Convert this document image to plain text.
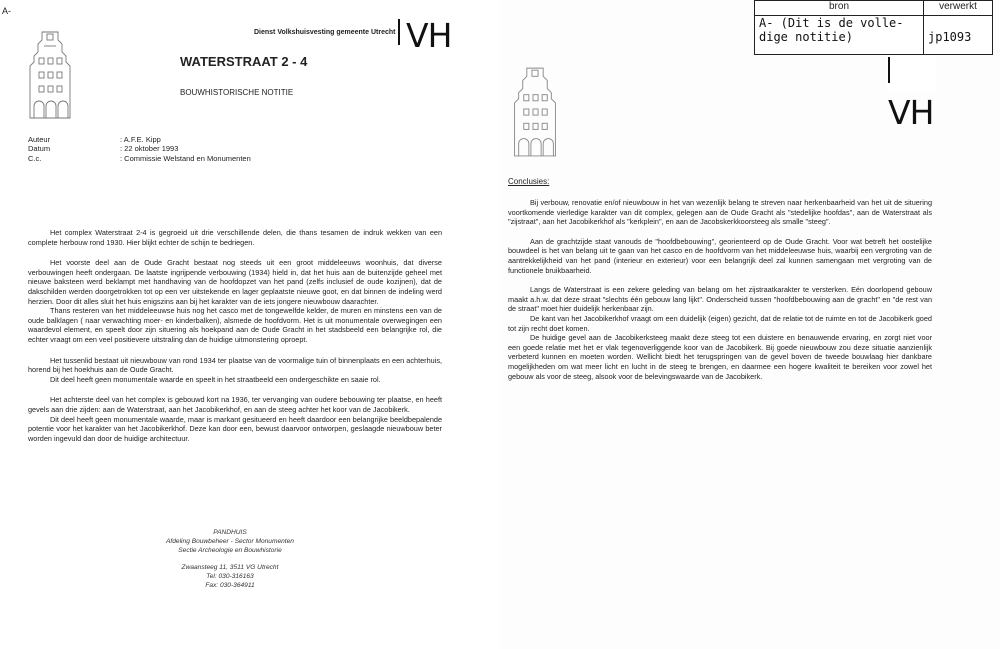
A-
Dienst Volkshuisvesting gemeente Utrecht VH
WATERSTRAAT 2 - 4
BOUWHISTORISCHE NOTITIE
Auteur	: A.F.E. Kipp
Datum	: 22 oktober 1993
C.c.	: Commissie Welstand en Monumenten

Het complex Waterstraat 2-4 is gegroeid uit drie verschillende delen, die thans tesamen de indruk wekken van een complete herbouw rond 1930. Hier blijkt echter de schijn te bedriegen.

Het voorste deel aan de Oude Gracht bestaat nog steeds uit een groot middeleeuws woonhuis, dat diverse verbouwingen heeft ondergaan. De laatste ingrijpende verbouwing (1934) hield in, dat het huis aan de buitenzijde geheel met nieuwe baksteen werd beklampt met handhaving van de hoofdopzet van het pand (zelfs inclusief de oude kozijnen), dat de dakschilden werden doorgetrokken tot op een ver uitstekende en lager geplaatste nieuwe goot, en dat binnen de indeling werd herzien. Door dit alles sluit het huis enigszins aan bij het karakter van de iets jongere nieuwbouw daarachter.

Thans resteren van het middeleeuwse huis nog het casco met de tongewelfde kelder, de muren en minstens een van de oude balklagen ( naar verwachting moer- en kinderbalken), alsmede de hoofdvorm. Het is uit monumentale overwegingen een waardevol element, en speelt door zijn situering als hoekpand aan de Oude Gracht in het stadsbeeld een belangrijke rol, die echter vraagt om een veel positievere uitstraling dan de huidige uitmonstering oproept.

Het tussenlid bestaat uit nieuwbouw van rond 1934 ter plaatse van de voormalige tuin of binnenplaats en een achterhuis, horend bij het hoekhuis aan de Oude Gracht.

Dit deel heeft geen monumentale waarde en speelt in het straatbeeld een ondergeschikte en saaie rol.

Het achterste deel van het complex is gebouwd kort na 1936, ter vervanging van oudere bebouwing ter plaatse, en heeft gevels aan drie zijden: aan de Waterstraat, aan het Jacobikerkhof, en aan de steeg achter het koor van de Jacobikerk.

Dit deel heeft geen monumentale waarde, maar is markant gesitueerd en heeft daardoor een belangrijke beeldbepalende potentie voor het karakter van het Jacobikerkhof. Deze kan door een, bewust daarvoor ontworpen, geslaagde nieuwbouw beter worden ingevuld dan door de huidige architectuur.

PANDHUIS
Afdeling Bouwbeheer - Sector Monumenten
Sectie Archeologie en Bouwhistorie
Zwaansteeg 11, 3511 VG Utrecht
Tel: 030-316163
Fax: 030-364911
VH
Conclusies:

Bij verbouw, renovatie en/of nieuwbouw in het van wezenlijk belang te streven naar herkenbaarheid van het uit de situering voortkomende vierledige karakter van dit complex, gelegen aan de Oude Gracht als "stedelijke hoofdas", aan de Waterstraat als "zijstraat", aan het Jacobikerkhof als "kerkplein", en aan de Jacobskerkkoorsteeg als smalle "steeg".

Aan de grachtzijde staat vanouds de "hoofdbebouwing", georienteerd op de Oude Gracht. Voor wat betreft het oostelijke bouwdeel is het van belang uit te gaan van het casco en de hoofdvorm van het middeleeuwse huis, waarbij een vergroting van de aantrekkelijkheid van het pand (interieur en exterieur) voor een belangrijk deel zal kunnen samengaan met vergroting van de functionele bruikbaarheid.

Langs de Waterstraat is een zekere geleding van belang om het zijstraatkarakter te versterken. Eén doorlopend gebouw maakt a.h.w. dat deze straat "slechts één gebouw lang lijkt". Onderscheid tussen "hoofdbebouwing aan de gracht" en "de rest van de straat" moet hier duidelijk herkenbaar zijn.

De kant van het Jacobikerkhof vraagt om een duidelijk (eigen) gezicht, dat de relatie tot de ruimte en tot de Jacobikerk goed tot zijn recht doet komen.

De huidige gevel aan de Jacobikerksteeg maakt deze steeg tot een duistere en benauwende ervaring, en zorgt niet voor een goede relatie met het er vlak tegenoverliggende koor van de Jacobikerk. Bij goede nieuwbouw zou deze situatie aanzienlijk verbeterd kunnen en moeten worden. Wellicht biedt het terugspringen van de gevel boven de tweede bouwlaag hier dankbare mogelijkheden om wat meer licht en lucht in de steeg te brengen, en daarmee een hogere kwaliteit te bereiken voor zowel het gebouw als voor de steeg, alsook voor de belevingswaarde van de Jacobikerk.

bron	verwerkt

A- (Dit is de volle-
dige notitie)	jp1093
